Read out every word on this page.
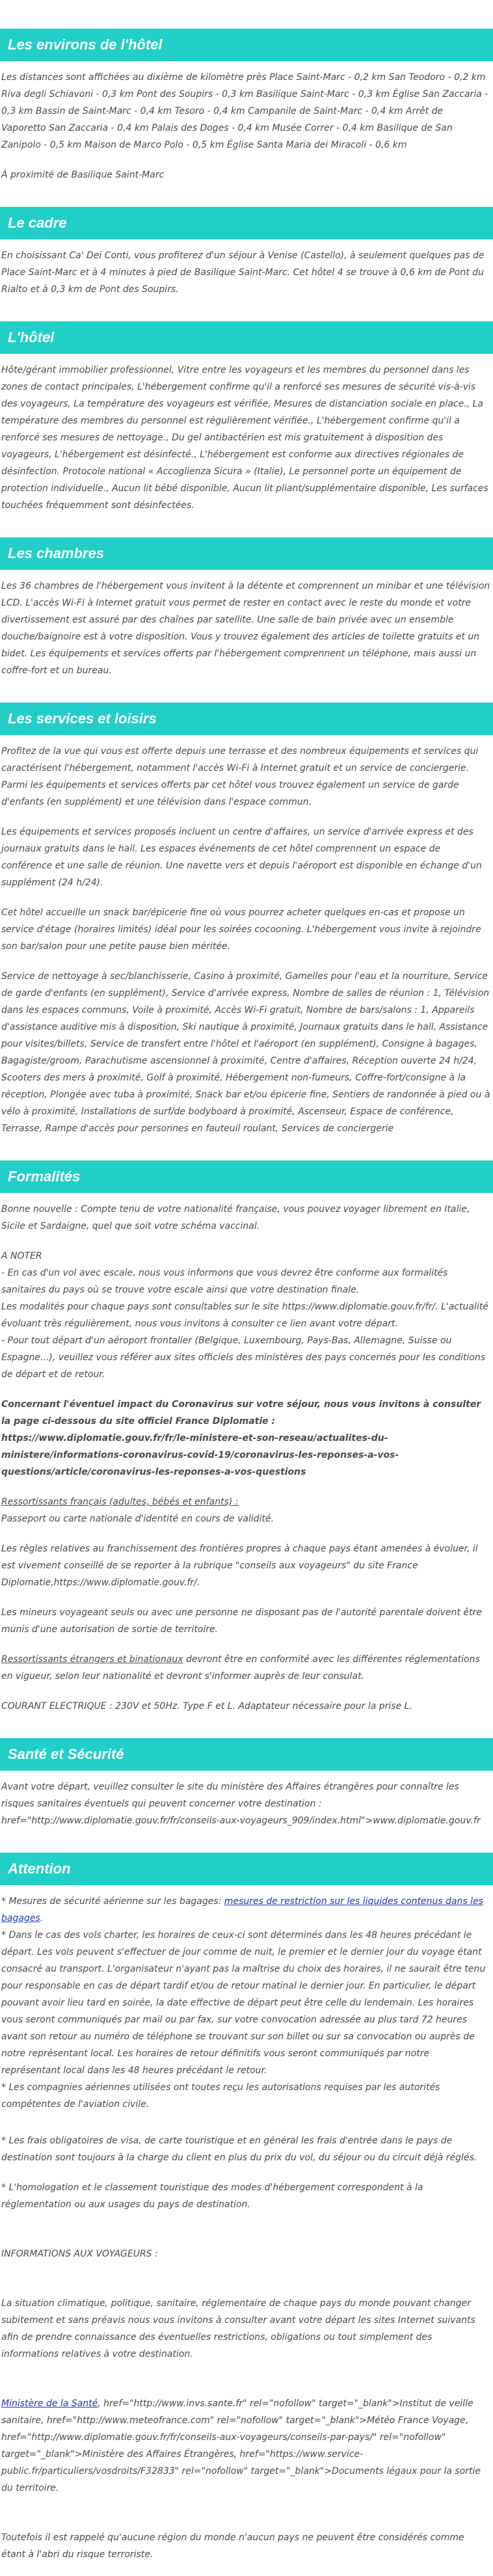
Les environs de l'hôtel

Les distances sont affichées au dixième de kilomètre près Place Saint-Marc - 0,2 km San Teodoro - 0,2 km Riva degli Schiavoni - 0,3 km Pont des Soupirs - 0,3 km Basilique Saint-Marc - 0,3 km Église San Zaccaria - 0,3 km Bassin de Saint-Marc - 0,4 km Tesoro - 0,4 km Campanile de Saint-Marc - 0,4 km Arrêt de Vaporetto San Zaccaria - 0,4 km Palais des Doges - 0,4 km Musée Correr - 0,4 km Basilique de San Zanipolo - 0,5 km Maison de Marco Polo - 0,5 km Église Santa Maria dei Miracoli - 0,6 km

À proximité de Basilique Saint-Marc

Le cadre

En choisissant Ca' Dei Conti, vous profiterez d'un séjour à Venise (Castello), à seulement quelques pas de Place Saint-Marc et à 4 minutes à pied de Basilique Saint-Marc. Cet hôtel 4 se trouve à 0,6 km de Pont du Rialto et à 0,3 km de Pont des Soupirs.

L'hôtel

Hôte/gérant immobilier professionnel, Vitre entre les voyageurs et les membres du personnel dans les zones de contact principales, L'hébergement confirme qu'il a renforcé ses mesures de sécurité vis-à-vis des voyageurs, La température des voyageurs est vérifiée, Mesures de distanciation sociale en place., La température des membres du personnel est régulièrement vérifiée., L'hébergement confirme qu'il a renforcé ses mesures de nettoyage., Du gel antibactérien est mis gratuitement à disposition des voyageurs, L'hébergement est désinfecté., L'hébergement est conforme aux directives régionales de désinfection. Protocole national « Accoglienza Sicura » (Italie), Le personnel porte un équipement de protection individuelle., Aucun lit bébé disponible, Aucun lit pliant/supplémentaire disponible, Les surfaces touchées fréquemment sont désinfectées.

Les chambres

Les 36 chambres de l'hébergement vous invitent à la détente et comprennent un minibar et une télévision LCD. L'accès Wi-Fi à Internet gratuit vous permet de rester en contact avec le reste du monde et votre divertissement est assuré par des chaînes par satellite. Une salle de bain privée avec un ensemble douche/baignoire est à votre disposition. Vous y trouvez également des articles de toilette gratuits et un bidet. Les équipements et services offerts par l'hébergement comprennent un téléphone, mais aussi un coffre-fort et un bureau.

Les services et loisirs

Profitez de la vue qui vous est offerte depuis une terrasse et des nombreux équipements et services qui caractérisent l'hébergement, notamment l'accès Wi-Fi à Internet gratuit et un service de conciergerie. Parmi les équipements et services offerts par cet hôtel vous trouvez également un service de garde d'enfants (en supplément) et une télévision dans l'espace commun.

Les équipements et services proposés incluent un centre d'affaires, un service d'arrivée express et des journaux gratuits dans le hall. Les espaces événements de cet hôtel comprennent un espace de conférence et une salle de réunion. Une navette vers et depuis l'aéroport est disponible en échange d'un supplément (24 h/24).

Cet hôtel accueille un snack bar/épicerie fine où vous pourrez acheter quelques en-cas et propose un service d'étage (horaires limités) idéal pour les soirées cocooning. L'hébergement vous invite à rejoindre son bar/salon pour une petite pause bien méritée.

Service de nettoyage à sec/blanchisserie, Casino à proximité, Gamelles pour l'eau et la nourriture, Service de garde d'enfants (en supplément), Service d'arrivée express, Nombre de salles de réunion : 1, Télévision dans les espaces communs, Voile à proximité, Accès Wi-Fi gratuit, Nombre de bars/salons : 1, Appareils d'assistance auditive mis à disposition, Ski nautique à proximité, Journaux gratuits dans le hall, Assistance pour visites/billets, Service de transfert entre l'hôtel et l'aéroport (en supplément), Consigne à bagages, Bagagiste/groom, Parachutisme ascensionnel à proximité, Centre d'affaires, Réception ouverte 24 h/24, Scooters des mers à proximité, Golf à proximité, Hébergement non-fumeurs, Coffre-fort/consigne à la réception, Plongée avec tuba à proximité, Snack bar et/ou épicerie fine, Sentiers de randonnée à pied ou à vélo à proximité, Installations de surf/de bodyboard à proximité, Ascenseur, Espace de conférence, Terrasse, Rampe d'accès pour personnes en fauteuil roulant, Services de conciergerie

Formalités

Bonne nouvelle : Compte tenu de votre nationalité française, vous pouvez voyager librement en Italie, Sicile et Sardaigne, quel que soit votre schéma vaccinal.

A NOTER
- En cas d'un vol avec escale, nous vous informons que vous devrez être conforme aux formalités sanitaires du pays où se trouve votre escale ainsi que votre destination finale.
Les modalités pour chaque pays sont consultables sur le site https://www.diplomatie.gouv.fr/fr/. L'actualité évoluant très régulièrement, nous vous invitons à consulter ce lien avant votre départ.
- Pour tout départ d'un aéroport frontalier (Belgique, Luxembourg, Pays-Bas, Allemagne, Suisse ou Espagne...), veuillez vous référer aux sites officiels des ministères des pays concernés pour les conditions de départ et de retour.

Concernant l'éventuel impact du Coronavirus sur votre séjour, nous vous invitons à consulter la page ci-dessous du site officiel France Diplomatie :
https://www.diplomatie.gouv.fr/fr/le-ministere-et-son-reseau/actualites-du-ministere/informations-coronavirus-covid-19/coronavirus-les-reponses-a-vos-questions/article/coronavirus-les-reponses-a-vos-questions

Ressortissants français (adultes, bébés et enfants) :
Passeport ou carte nationale d'identité en cours de validité.

Les règles relatives au franchissement des frontières propres à chaque pays étant amenées à évoluer, il est vivement conseillé de se reporter à la rubrique "conseils aux voyageurs" du site France Diplomatie,https://www.diplomatie.gouv.fr/.

Les mineurs voyageant seuls ou avec une personne ne disposant pas de l'autorité parentale doivent être munis d'une autorisation de sortie de territoire.

Ressortissants étrangers et binationaux devront être en conformité avec les différentes réglementations en vigueur, selon leur nationalité et devront s'informer auprès de leur consulat.

COURANT ELECTRIQUE : 230V et 50Hz. Type F et L. Adaptateur nécessaire pour la prise L.

Santé et Sécurité

Avant votre départ, veuillez consulter le site du ministère des Affaires étrangères pour connaître les risques sanitaires éventuels qui peuvent concerner votre destination : href="http://www.diplomatie.gouv.fr/fr/conseils-aux-voyageurs_909/index.html">www.diplomatie.gouv.fr

Attention

* Mesures de sécurité aérienne sur les bagages: mesures de restriction sur les liquides contenus dans les bagages.
* Dans le cas des vols charter, les horaires de ceux-ci sont déterminés dans les 48 heures précédant le départ. Les vols peuvent s'effectuer de jour comme de nuit, le premier et le dernier jour du voyage étant consacré au transport. L'organisateur n'ayant pas la maîtrise du choix des horaires, il ne saurait être tenu pour responsable en cas de départ tardif et/ou de retour matinal le dernier jour. En particulier, le départ pouvant avoir lieu tard en soirée, la date effective de départ peut être celle du lendemain. Les horaires vous seront communiqués par mail ou par fax, sur votre convocation adressée au plus tard 72 heures avant son retour au numéro de téléphone se trouvant sur son billet ou sur sa convocation ou auprès de notre représentant local. Les horaires de retour définitifs vous seront communiqués par notre représentant local dans les 48 heures précédant le retour.
* Les compagnies aériennes utilisées ont toutes reçu les autorisations requises par les autorités compétentes de l'aviation civile.

* Les frais obligatoires de visa, de carte touristique et en général les frais d'entrée dans le pays de destination sont toujours à la charge du client en plus du prix du vol, du séjour ou du circuit déjà réglés.

* L'homologation et le classement touristique des modes d'hébergement correspondent à la réglementation ou aux usages du pays de destination.

INFORMATIONS AUX VOYAGEURS :

La situation climatique, politique, sanitaire, réglementaire de chaque pays du monde pouvant changer subitement et sans préavis nous vous invitons à consulter avant votre départ les sites Internet suivants afin de prendre connaissance des éventuelles restrictions, obligations ou tout simplement des informations relatives à votre destination.

Ministère de la Santé, href="http://www.invs.sante.fr" rel="nofollow" target="_blank">Institut de veille sanitaire, href="http://www.meteofrance.com" rel="nofollow" target="_blank">Météo France Voyage, href="http://www.diplomatie.gouv.fr/fr/conseils-aux-voyageurs/conseils-par-pays/" rel="nofollow" target="_blank">Ministère des Affaires Étrangères, href="https://www.service-public.fr/particuliers/vosdroits/F32833" rel="nofollow" target="_blank">Documents légaux pour la sortie du territoire.

Toutefois il est rappelé qu'aucune région du monde n'aucun pays ne peuvent être considérés comme étant à l'abri du risque terroriste.
